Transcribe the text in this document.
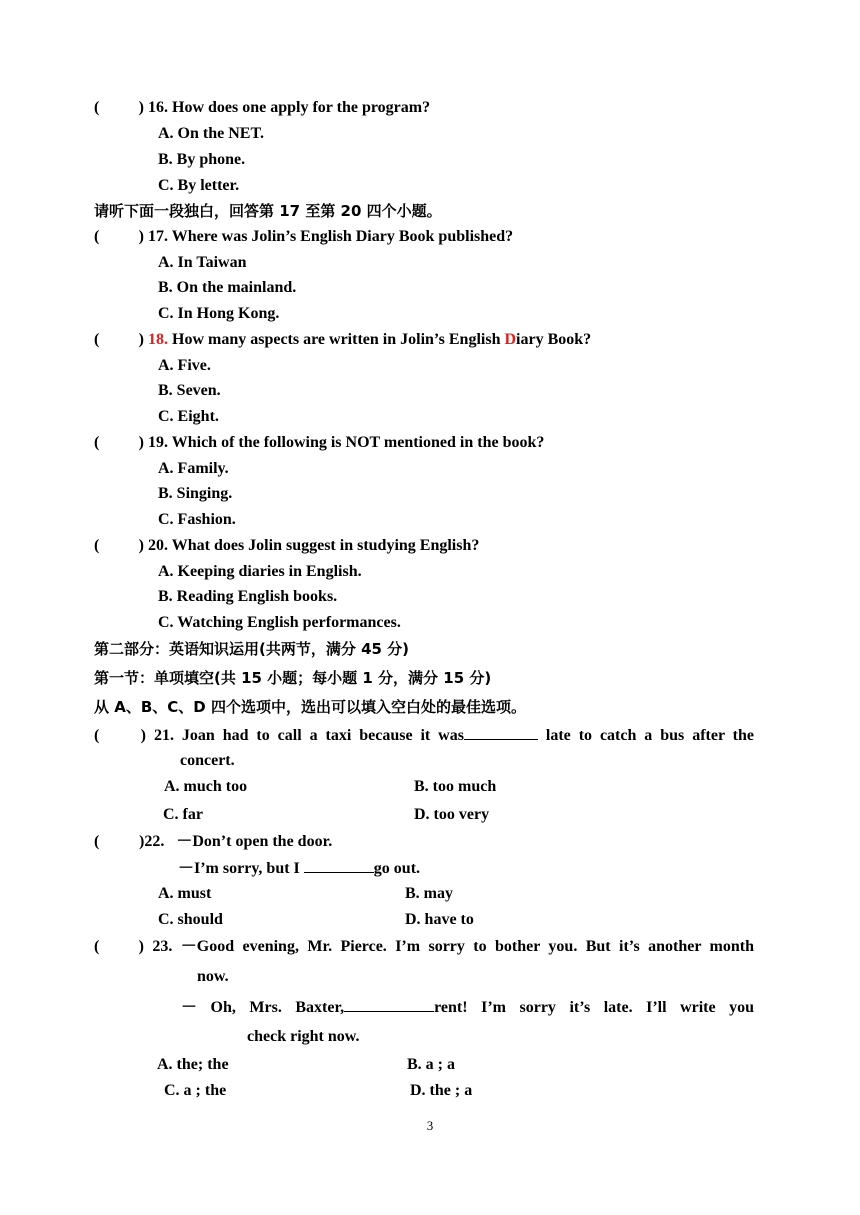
( ) 16. How does one apply for the program?
A. On the NET.
B. By phone.
C. By letter.
请听下面一段独白，回答第 17 至第 20 四个小题。
( ) 17. Where was Jolin’s English Diary Book published?
A. In Taiwan
B. On the mainland.
C. In Hong Kong.
( ) 18. How many aspects are written in Jolin’s English Diary Book?
A. Five.
B. Seven.
C. Eight.
( ) 19. Which of the following is NOT mentioned in the book?
A. Family.
B. Singing.
C. Fashion.
( ) 20. What does Jolin suggest in studying English?
A. Keeping diaries in English.
B. Reading English books.
C. Watching English performances.
第二部分：英语知识运用(共两节，满分 45 分)
第一节：单项填空(共 15 小题；每小题 1 分，满分 15 分)
从 A、B、C、D 四个选项中，选出可以填入空白处的最佳选项。
(	) 21. Joan had to call a taxi because it was	late to catch a bus after the
concert.
A. much too	B. too much
C. far	D. too very
( )22. －Don’t open the door.
－I’m sorry, but I	go out.
A. must	B. may
C. should	D. have to
( ) 23. －Good evening, Mr. Pierce. I’m sorry to bother you. But it’s another month
now.
－ Oh, Mrs. Baxter,	rent! I’m sorry it’s late. I’ll write you
check right now.
A. the; the	B. a ; a
C. a ; the	D. the ; a
3
